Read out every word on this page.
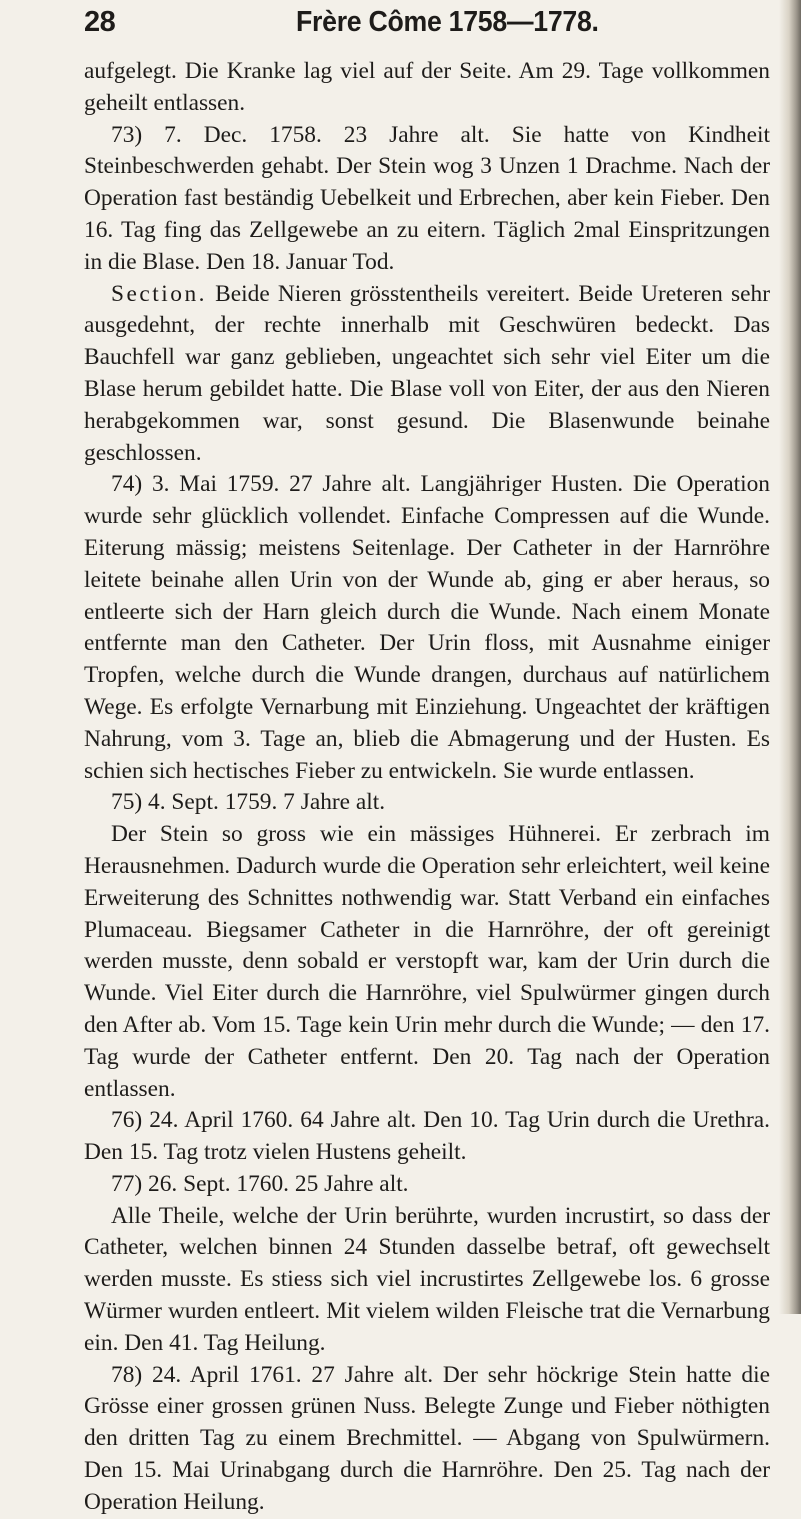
28	Frère Côme 1758—1778.

aufgelegt. Die Kranke lag viel auf der Seite. Am 29. Tage vollkommen geheilt entlassen.

73) 7. Dec. 1758. 23 Jahre alt. Sie hatte von Kindheit Steinbeschwerden gehabt. Der Stein wog 3 Unzen 1 Drachme. Nach der Operation fast beständig Uebelkeit und Erbrechen, aber kein Fieber. Den 16. Tag fing das Zellgewebe an zu eitern. Täglich 2mal Einspritzungen in die Blase. Den 18. Januar Tod.

Section. Beide Nieren grösstentheils vereitert. Beide Ureteren sehr ausgedehnt, der rechte innerhalb mit Geschwüren bedeckt. Das Bauchfell war ganz geblieben, ungeachtet sich sehr viel Eiter um die Blase herum gebildet hatte. Die Blase voll von Eiter, der aus den Nieren herabgekommen war, sonst gesund. Die Blasenwunde beinahe geschlossen.

74) 3. Mai 1759. 27 Jahre alt. Langjähriger Husten. Die Operation wurde sehr glücklich vollendet. Einfache Compressen auf die Wunde. Eiterung mässig; meistens Seitenlage. Der Catheter in der Harnröhre leitete beinahe allen Urin von der Wunde ab, ging er aber heraus, so entleerte sich der Harn gleich durch die Wunde. Nach einem Monate entfernte man den Catheter. Der Urin floss, mit Ausnahme einiger Tropfen, welche durch die Wunde drangen, durchaus auf natürlichem Wege. Es erfolgte Vernarbung mit Einziehung. Ungeachtet der kräftigen Nahrung, vom 3. Tage an, blieb die Abmagerung und der Husten. Es schien sich hectisches Fieber zu entwickeln. Sie wurde entlassen.

75) 4. Sept. 1759. 7 Jahre alt.

Der Stein so gross wie ein mässiges Hühnerei. Er zerbrach im Herausnehmen. Dadurch wurde die Operation sehr erleichtert, weil keine Erweiterung des Schnittes nothwendig war. Statt Verband ein einfaches Plumaceau. Biegsamer Catheter in die Harnröhre, der oft gereinigt werden musste, denn sobald er verstopft war, kam der Urin durch die Wunde. Viel Eiter durch die Harnröhre, viel Spulwürmer gingen durch den After ab. Vom 15. Tage kein Urin mehr durch die Wunde; — den 17. Tag wurde der Catheter entfernt. Den 20. Tag nach der Operation entlassen.

76) 24. April 1760. 64 Jahre alt. Den 10. Tag Urin durch die Urethra. Den 15. Tag trotz vielen Hustens geheilt.

77) 26. Sept. 1760. 25 Jahre alt.

Alle Theile, welche der Urin berührte, wurden incrustirt, so dass der Catheter, welchen binnen 24 Stunden dasselbe betraf, oft gewechselt werden musste. Es stiess sich viel incrustirtes Zellgewebe los. 6 grosse Würmer wurden entleert. Mit vielem wilden Fleische trat die Vernarbung ein. Den 41. Tag Heilung.

78) 24. April 1761. 27 Jahre alt. Der sehr höckrige Stein hatte die Grösse einer grossen grünen Nuss. Belegte Zunge und Fieber nöthigten den dritten Tag zu einem Brechmittel. — Abgang von Spulwürmern. Den 15. Mai Urinabgang durch die Harnröhre. Den 25. Tag nach der Operation Heilung.
